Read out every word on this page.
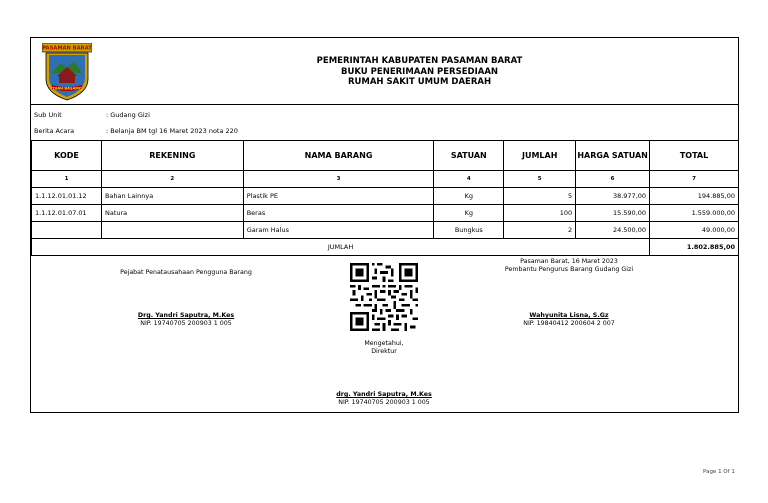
PASAMAN BARAT
TUAH BASAMO
PEMERINTAH KABUPATEN PASAMAN BARAT
BUKU PENERIMAAN PERSEDIAAN
RUMAH SAKIT UMUM DAERAH
Sub Unit	: Gudang Gizi
Berita Acara	: Belanja BM tgl 16 Maret 2023 nota 220
KODE	REKENING	NAMA BARANG	SATUAN	JUMLAH	HARGA SATUAN	TOTAL
1	2	3	4	5	6	7
1.1.12.01.01.12	Bahan Lainnya	Plastik PE	Kg	5	38.977,00	194.885,00
1.1.12.01.07.01	Natura	Beras	Kg	100	15.590,00	1.559.000,00
		Garam Halus	Bungkus	2	24.500,00	49.000,00
JUMLAH						1.802.885,00
Pejabat Penatausahaan Pengguna Barang
Drg. Yandri Saputra, M.Kes
NIP. 19740705 200903 1 005
Pasaman Barat, 16 Maret 2023
Pembantu Pengurus Barang Gudang Gizi
Wahyunita Lisna, S.Gz
NIP. 19840412 200604 2 007
Mengetahui,
Direktur
drg. Yandri Saputra, M.Kes
NIP. 19740705 200903 1 005
Page 1 Of 1
